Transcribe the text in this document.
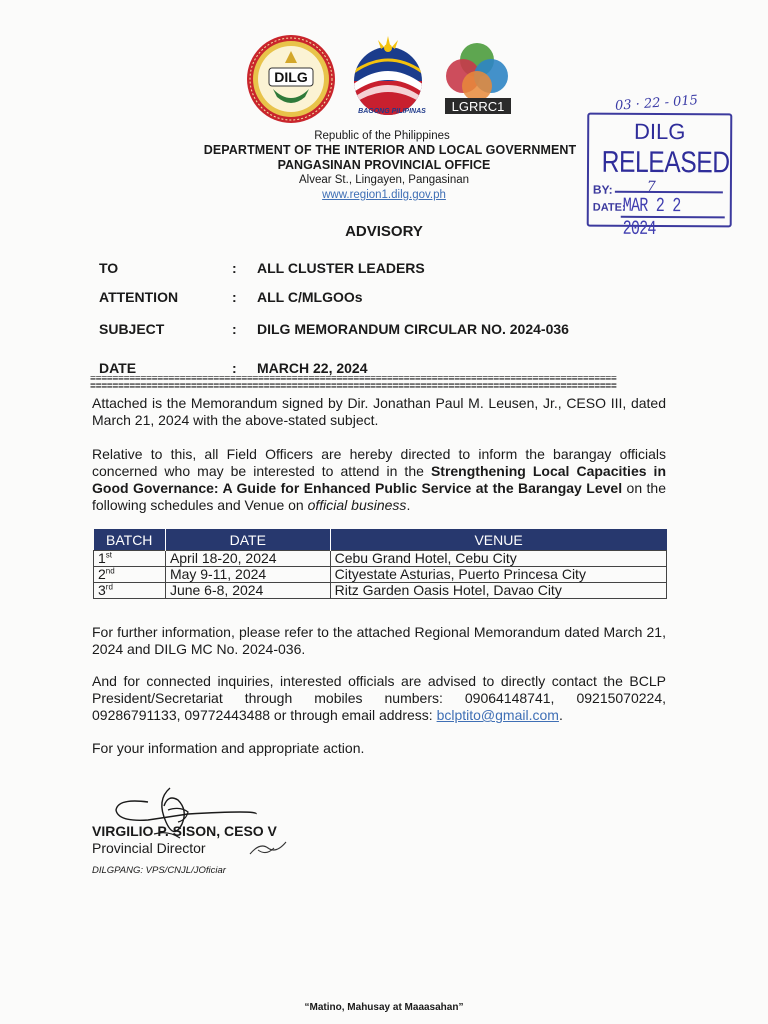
DILG
BAGONG PILIPINAS	LGRRC1
Republic of the Philippines
DEPARTMENT OF THE INTERIOR AND LOCAL GOVERNMENT
PANGASINAN PROVINCIAL OFFICE
Alvear St., Lingayen, Pangasinan
www.region1.dilg.gov.ph
03 · 22 - 015
DILG
RELEASED
BY: 7
DATE:
MAR 2 2 2024
ADVISORY
TO	: ALL CLUSTER LEADERS
ATTENTION	: ALL C/MLGOOs
SUBJECT	: DILG MEMORANDUM CIRCULAR NO. 2024-036
DATE	: MARCH 22, 2024
==============================================================================================
==============================================================================================
Attached is the Memorandum signed by Dir. Jonathan Paul M. Leusen, Jr., CESO III, dated March 21, 2024 with the above-stated subject.
Relative to this, all Field Officers are hereby directed to inform the barangay officials concerned who may be interested to attend in the Strengthening Local Capacities in Good Governance: A Guide for Enhanced Public Service at the Barangay Level on the following schedules and Venue on official business.
BATCH	DATE	VENUE
1st	April 18-20, 2024	Cebu Grand Hotel, Cebu City
2nd	May 9-11, 2024	Cityestate Asturias, Puerto Princesa City
3rd	June 6-8, 2024	Ritz Garden Oasis Hotel, Davao City
For further information, please refer to the attached Regional Memorandum dated March 21, 2024 and DILG MC No. 2024-036.
And for connected inquiries, interested officials are advised to directly contact the BCLP President/Secretariat through mobiles numbers: 09064148741, 09215070224, 09286791133, 09772443488 or through email address: bclptito@gmail.com.
For your information and appropriate action.
VIRGILIO P. SISON, CESO V
Provincial Director
DILGPANG: VPS/CNJL/JOficiar
“Matino, Mahusay at Maaasahan”
